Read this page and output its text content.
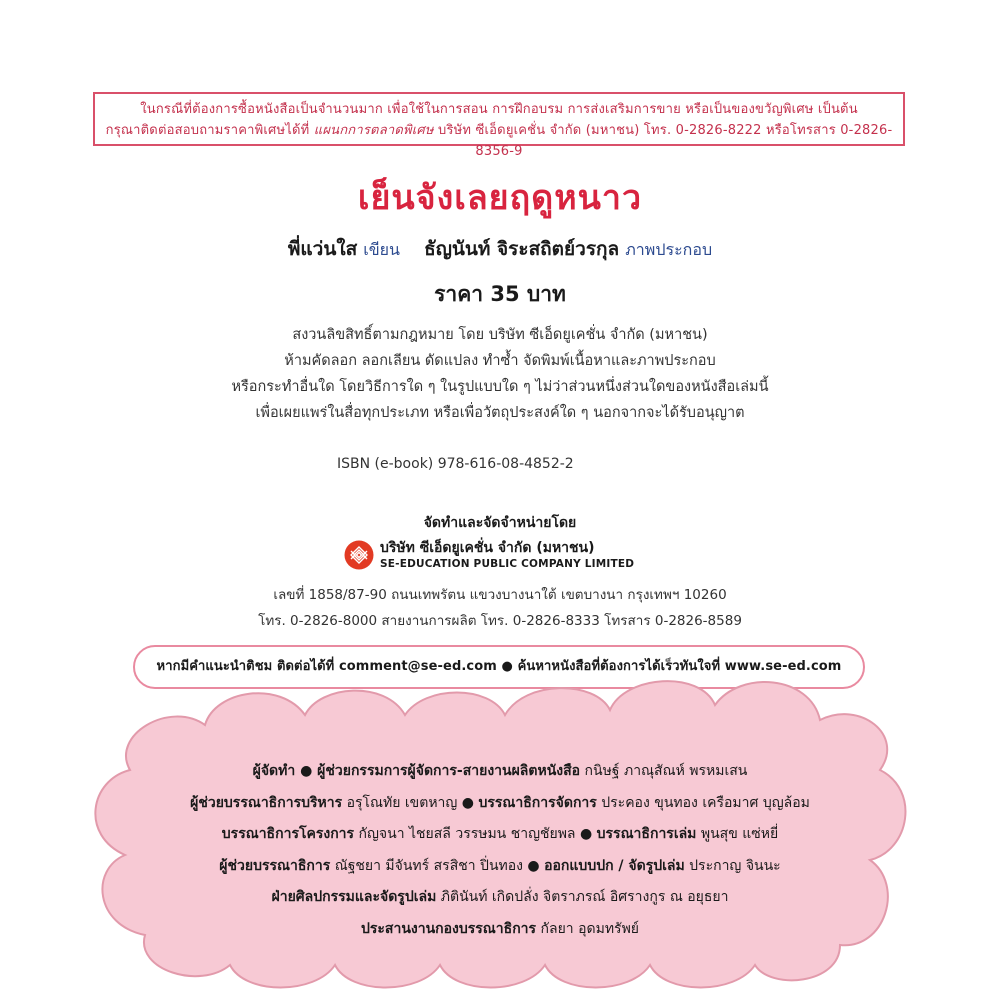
ในกรณีที่ต้องการซื้อหนังสือเป็นจำนวนมาก เพื่อใช้ในการสอน การฝึกอบรม การส่งเสริมการขาย หรือเป็นของขวัญพิเศษ เป็นต้น
กรุณาติดต่อสอบถามราคาพิเศษได้ที่ แผนกการตลาดพิเศษ บริษัท ซีเอ็ดยูเคชั่น จำกัด (มหาชน) โทร. 0-2826-8222 หรือโทรสาร 0-2826-8356-9
เย็นจังเลยฤดูหนาว
พี่แว่นใส เขียน ธัญนันท์ จิระสถิตย์วรกุล ภาพประกอบ
ราคา 35 บาท
สงวนลิขสิทธิ์ตามกฎหมาย โดย บริษัท ซีเอ็ดยูเคชั่น จำกัด (มหาชน)
ห้ามคัดลอก ลอกเลียน ดัดแปลง ทำซ้ำ จัดพิมพ์เนื้อหาและภาพประกอบ
หรือกระทำอื่นใด โดยวิธีการใด ๆ ในรูปแบบใด ๆ ไม่ว่าส่วนหนึ่งส่วนใดของหนังสือเล่มนี้
เพื่อเผยแพร่ในสื่อทุกประเภท หรือเพื่อวัตถุประสงค์ใด ๆ นอกจากจะได้รับอนุญาต
ISBN (e-book) 978-616-08-4852-2
จัดทำและจัดจำหน่ายโดย
บริษัท ซีเอ็ดยูเคชั่น จำกัด (มหาชน)
SE-EDUCATION PUBLIC COMPANY LIMITED
เลขที่ 1858/87-90 ถนนเทพรัตน แขวงบางนาใต้ เขตบางนา กรุงเทพฯ 10260
โทร. 0-2826-8000 สายงานการผลิต โทร. 0-2826-8333 โทรสาร 0-2826-8589
หากมีคำแนะนำติชม ติดต่อได้ที่ comment@se-ed.com ● ค้นหาหนังสือที่ต้องการได้เร็วทันใจที่ www.se-ed.com
ผู้จัดทำ ● ผู้ช่วยกรรมการผู้จัดการ-สายงานผลิตหนังสือ กนิษฐ์ ภาณุสัณห์ พรหมเสน
ผู้ช่วยบรรณาธิการบริหาร อรุโณทัย เขตหาญ ● บรรณาธิการจัดการ ประคอง ขุนทอง เครือมาศ บุญล้อม
บรรณาธิการโครงการ กัญจนา ไชยสลี วรรษมน ชาญชัยพล ● บรรณาธิการเล่ม พูนสุข แซ่หยี่
ผู้ช่วยบรรณาธิการ ณัฐชยา มีจันทร์ สรสิชา ปิ่นทอง ● ออกแบบปก / จัดรูปเล่ม ประกาญ จินนะ
ฝ่ายศิลปกรรมและจัดรูปเล่ม ภิตินันท์ เกิดปลั่ง จิตราภรณ์ อิศรางกูร ณ อยุธยา
ประสานงานกองบรรณาธิการ กัลยา อุดมทรัพย์
